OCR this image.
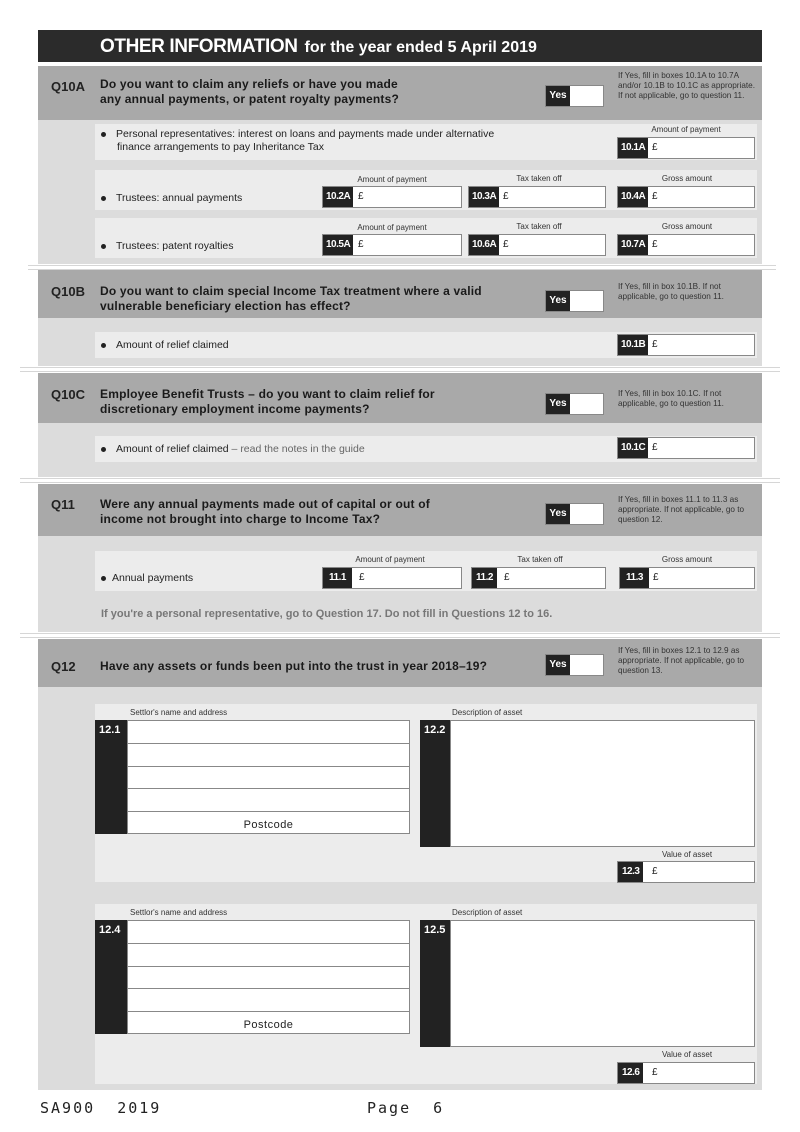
OTHER INFORMATION for the year ended 5 April 2019
Q10A Do you want to claim any reliefs or have you made
any annual payments, or patent royalty payments?	Yes
If Yes, fill in boxes 10.1A to 10.7A and/or 10.1B to 10.1C as appropriate. If not applicable, go to question 11.
Personal representatives: interest on loans and payments made under alternative
finance arrangements to pay Inheritance Tax
Amount of payment
10.1A £
Amount of payment	Tax taken off	Gross amount
Trustees: annual payments	10.2A £	10.3A £	10.4A £
Amount of payment	Tax taken off	Gross amount
Trustees: patent royalties	10.5A £	10.6A £	10.7A £
Q10B Do you want to claim special Income Tax treatment where a valid
vulnerable beneficiary election has effect?	Yes
If Yes, fill in box 10.1B. If not applicable, go to question 11.
Amount of relief claimed	10.1B £
Q10C Employee Benefit Trusts – do you want to claim relief for
discretionary employment income payments?	Yes
If Yes, fill in box 10.1C. If not applicable, go to question 11.
Amount of relief claimed – read the notes in the guide	10.1C £
Q11 Were any annual payments made out of capital or out of
income not brought into charge to Income Tax?	Yes
If Yes, fill in boxes 11.1 to 11.3 as appropriate. If not applicable, go to question 12.
Amount of payment	Tax taken off	Gross amount
Annual payments	11.1	£	11.2	£	11.3	£
If you're a personal representative, go to Question 17. Do not fill in Questions 12 to 16.
Q12 Have any assets or funds been put into the trust in year 2018–19?	Yes
If Yes, fill in boxes 12.1 to 12.9 as appropriate. If not applicable, go to question 13.
Settlor's name and address	Description of asset
12.1
Postcode
12.2
Value of asset
12.3	£
Settlor's name and address	Description of asset
12.4
Postcode
12.5
Value of asset
12.6	£
SA900  2019	Page  6
